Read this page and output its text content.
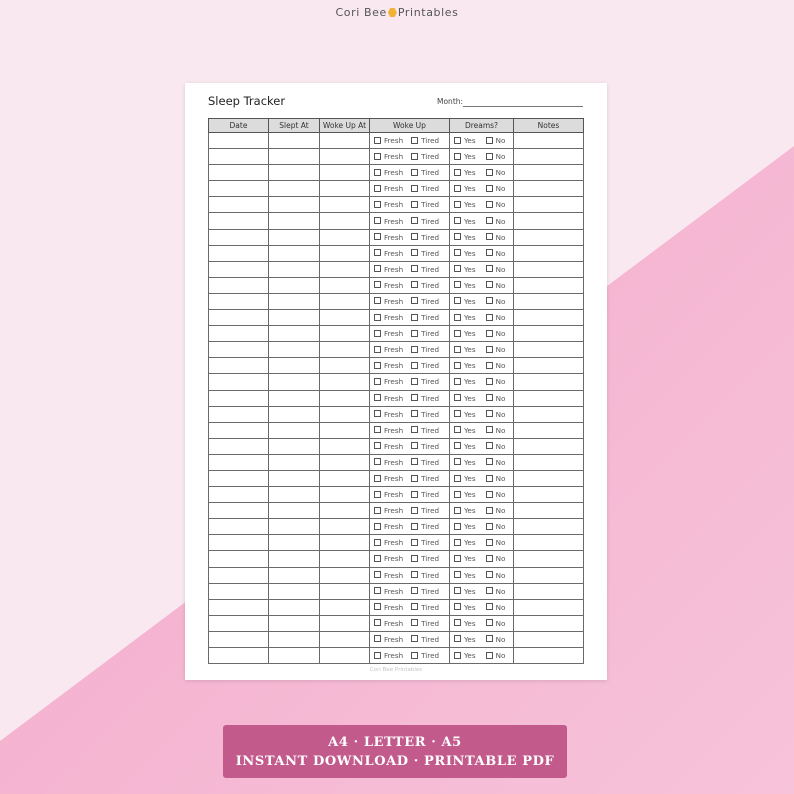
Cori Bee Printables
Sleep Tracker	Month:
Date	Slept At	Woke Up At	Woke Up	Dreams?	Notes
			Fresh Tired	Yes No	
			Fresh Tired	Yes No	
			Fresh Tired	Yes No	
			Fresh Tired	Yes No	
			Fresh Tired	Yes No	
			Fresh Tired	Yes No	
			Fresh Tired	Yes No	
			Fresh Tired	Yes No	
			Fresh Tired	Yes No	
			Fresh Tired	Yes No	
			Fresh Tired	Yes No	
			Fresh Tired	Yes No	
			Fresh Tired	Yes No	
			Fresh Tired	Yes No	
			Fresh Tired	Yes No	
			Fresh Tired	Yes No	
			Fresh Tired	Yes No	
			Fresh Tired	Yes No	
			Fresh Tired	Yes No	
			Fresh Tired	Yes No	
			Fresh Tired	Yes No	
			Fresh Tired	Yes No	
			Fresh Tired	Yes No	
			Fresh Tired	Yes No	
			Fresh Tired	Yes No	
			Fresh Tired	Yes No	
			Fresh Tired	Yes No	
			Fresh Tired	Yes No	
			Fresh Tired	Yes No	
			Fresh Tired	Yes No	
			Fresh Tired	Yes No	
			Fresh Tired	Yes No	
			Fresh Tired	Yes No	
Cori Bee Printables
A4 · LETTER · A5
INSTANT DOWNLOAD · PRINTABLE PDF
